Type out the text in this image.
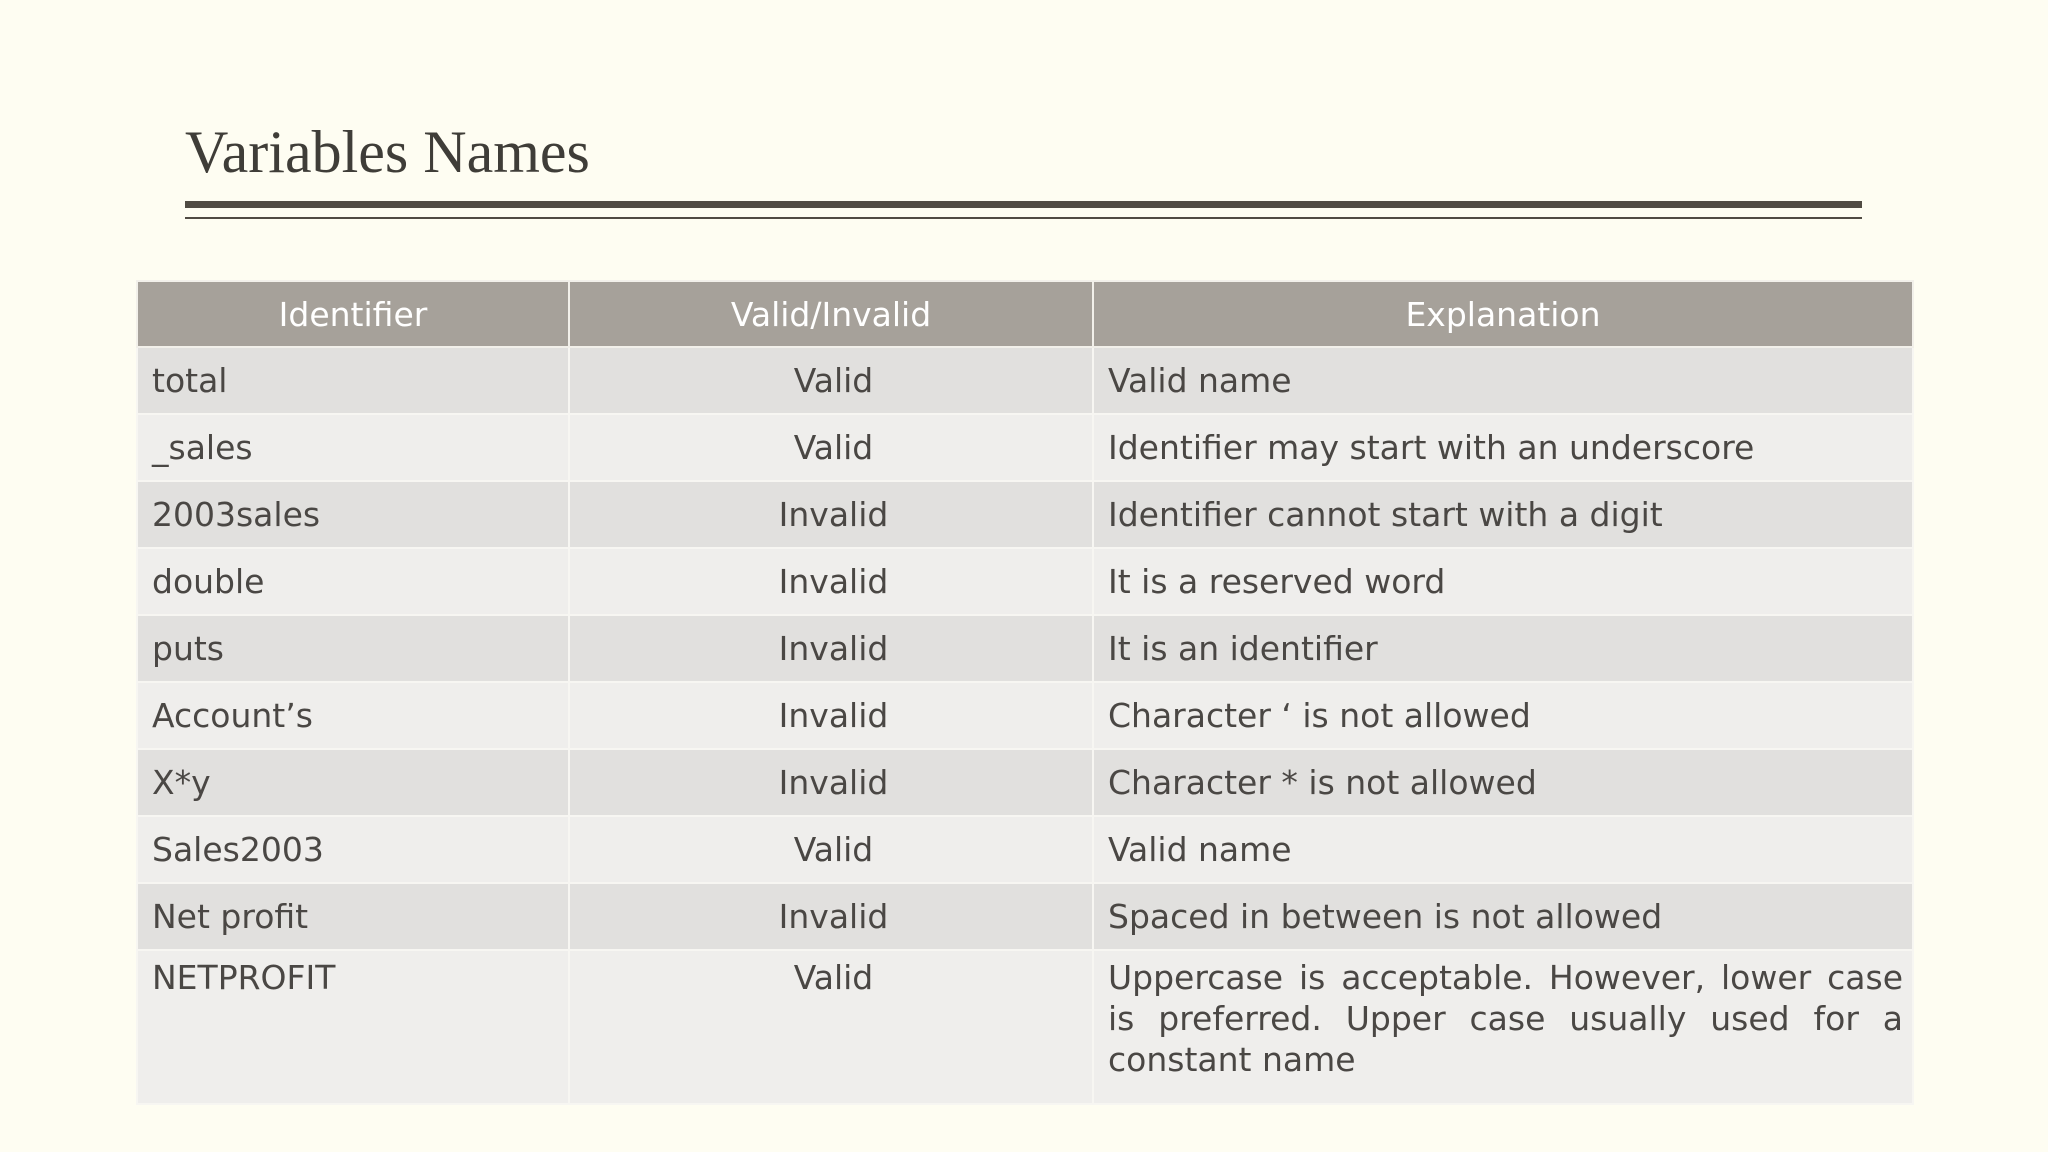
Variables Names
Identifier	Valid/Invalid	Explanation
total	Valid	Valid name
_sales	Valid	Identifier may start with an underscore
2003sales	Invalid	Identifier cannot start with a digit
double	Invalid	It is a reserved word
puts	Invalid	It is an identifier
Account’s	Invalid	Character ‘ is not allowed
X*y	Invalid	Character * is not allowed
Sales2003	Valid	Valid name
Net profit	Invalid	Spaced in between is not allowed
NETPROFIT	Valid	Uppercase is acceptable. However, lower case is preferred. Upper case usually used for a constant name
